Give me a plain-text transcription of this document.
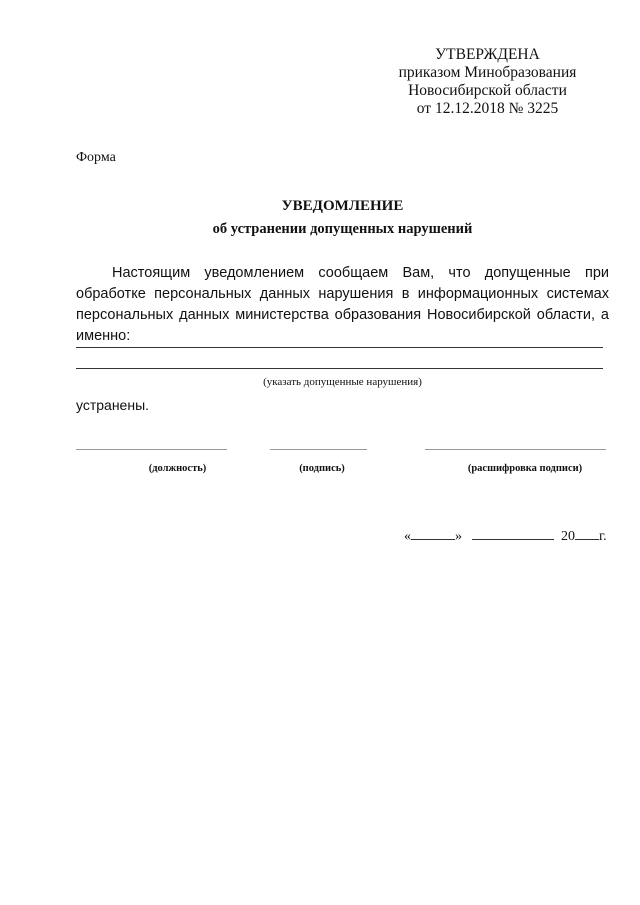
УТВЕРЖДЕНА
приказом Минобразования
Новосибирской области
от 12.12.2018 № 3225
Форма
УВЕДОМЛЕНИЕ
об устранении допущенных нарушений
Настоящим уведомлением сообщаем Вам, что допущенные при обработке персональных данных нарушения в информационных системах персональных данных министерства образования Новосибирской области, а именно:
(указать допущенные нарушения)
устранены.
(должность)	(подпись)	(расшифровка подписи)
«	»	20 г.
